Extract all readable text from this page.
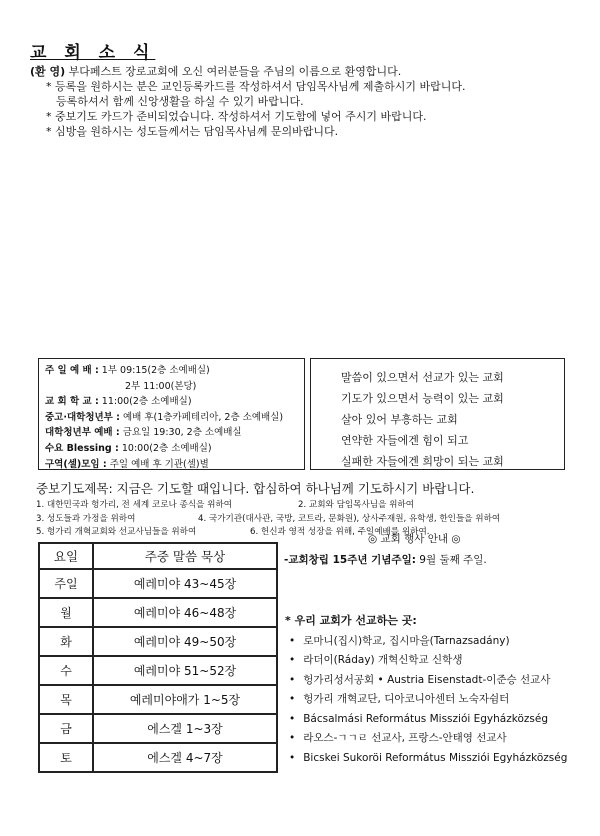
교 회 소 식
(환 영) 부다페스트 장로교회에 오신 여러분들을 주님의 이름으로 환영합니다.
* 등록을 원하시는 분은 교인등록카드를 작성하셔서 담임목사님께 제출하시기 바랍니다.
등록하셔서 함께 신앙생활을 하실 수 있기 바랍니다.
* 중보기도 카드가 준비되었습니다. 작성하셔서 기도함에 넣어 주시기 바랍니다.
* 심방을 원하시는 성도들께서는 담임목사님께 문의바랍니다.
주 일 예 배 : 1부 09:15(2층 소예배실)
2부 11:00(본당)
교 회 학 교 : 11:00(2층 소예배실)
중고·대학청년부 : 예배 후(1층카페테리아, 2층 소예배실)
대학청년부 예배 : 금요일 19:30, 2층 소예배실
수요 Blessing : 10:00(2층 소예배실)
구역(셀)모임 : 주일 예배 후 기관(셀)별
말씀이 있으면서 선교가 있는 교회
기도가 있으면서 능력이 있는 교회
살아 있어 부흥하는 교회
연약한 자들에겐 힘이 되고
실패한 자들에겐 희망이 되는 교회
중보기도제목: 지금은 기도할 때입니다. 합심하여 하나님께 기도하시기 바랍니다.
1. 대한민국과 헝가리, 전 세계 코로나 종식을 위하여	2. 교회와 담임목사님을 위하여
3. 성도들과 가정을 위하여	4. 국가기관(대사관, 국방, 코트라, 문화원), 상사주재원, 유학생, 한인들을 위하여
5. 헝가리 개혁교회와 선교사님들을 위하여	6. 헌신과 영적 성장을 위해, 주일예배를 위하여.
◎ 교회 행사 안내 ◎
-교회창립 15주년 기념주일: 9월 둘째 주일.
요일	주중 말씀 묵상
주일	예레미야 43~45장
월	예레미야 46~48장
화	예레미야 49~50장
수	예레미야 51~52장
목	예레미야애가 1~5장
금	에스겔 1~3장
토	에스겔 4~7장
* 우리 교회가 선교하는 곳:
• 로마니(집시)학교, 집시마을(Tarnazsadány)
• 라더이(Ráday) 개혁신학교 신학생
• 헝가리성서공회 • Austria Eisenstadt-이준승 선교사
• 헝가리 개혁교단, 디아코니아센터 노숙자쉼터
• Bácsalmási Református Missziói Egyházközség
• 라오스-ㄱㄱㄹ 선교사, 프랑스-안태영 선교사
• Bicskei Sukoröi Református Missziói Egyházközség
